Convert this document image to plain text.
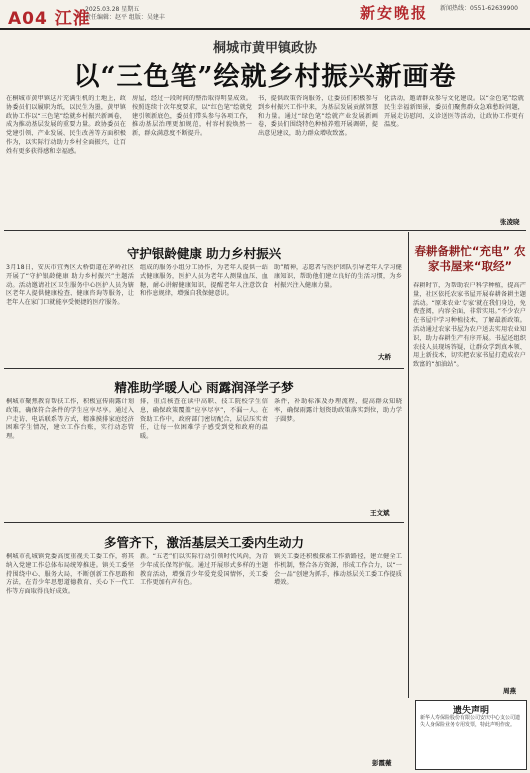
A04 江淮
2025.03.28 星期五
责任编辑：赵平 组版：吴建丰	新安晚报 新闻热线：0551-62639900
桐城市黄甲镇政协
以“三色笔”绘就乡村振兴新画卷
在桐城市黄甲镇这片充满生机的土地上，政协委员们以履职为纸，以民生为墨，黄甲镇政协工作以“三色笔”绘就乡村振兴新画卷，成为推动基层发展的重要力量。政协委员在党建引领、产业发展、民生改善等方面积极作为，以实际行动助力乡村全面振兴，让百姓有更多获得感和幸福感。
房屋，经过一段时间的整治取得明显成效。按照连续十次年度要求，以“红色笔”绘就党建引领新底色，委员们带头参与各项工作，推动基层治理更加规范，村容村貌焕然一新，群众满意度不断提升。
书，提供政策咨询服务，让委员们积极参与到乡村振兴工作中来，为基层发展贡献智慧和力量。通过“绿色笔”绘就产业发展新画卷，委员们围绕特色种植养殖开展调研，提出意见建议，助力群众增收致富。
化活动，邀请群众参与文化建设。以“金色笔”绘就民生幸福新图景，委员们聚焦群众急难愁盼问题，开展走访慰问、义诊送医等活动，让政协工作更有温度。
张凌晓
守护银龄健康 助力乡村振兴
3月18日，安庆市宜秀区大桥街道在茅岭社区开展了“守护银龄健康 助力乡村振兴”主题活动。活动邀请社区卫生服务中心医护人员为辖区老年人提供健康检查、健康咨询等服务，让老年人在家门口就能享受便捷的医疗服务。
组成的服务小组分工协作，为老年人提供一站式健康服务，医护人员为老年人测量血压、血糖，耐心讲解健康知识，提醒老年人注意饮食和作息规律，增强自我保健意识。
助”精神，志愿者与医护团队引导老年人学习健康知识，帮助他们建立良好的生活习惯，为乡村振兴注入健康力量。
大桥
春耕备耕忙“充电” 农家书屋来“取经”
春耕时节，为帮助农户科学种植，提高产量，社区依托农家书屋开展春耕备耕主题活动。“原来农业‘专家’就在我们身边，免费查阅，内容全面，非常实用。”不少农户在书屋中学习种植技术，了解最新政策。活动通过农家书屋为农户送去实用农业知识，助力春耕生产有序开展。书屋还组织农技人员现场答疑，让群众学到真本领、用上新技术，切实把农家书屋打造成农户致富的“加油站”。
周燕
精准助学暖人心 雨露润泽学子梦
桐城市聚焦教育帮扶工作，积极宣传雨露计划政策，确保符合条件的学生应享尽享。通过入户走访、电话联系等方式，精准摸排家庭经济困难学生情况，建立工作台账，实行动态管理。
排，重点核查在读中高职、技工院校学生信息，确保政策覆盖“应享尽享”，不漏一人。在资助工作中，政府部门密切配合，层层压实责任，让每一位困难学子感受到党和政府的温暖。
条件，补助标准及办理流程，提高群众知晓率，确保雨露计划资助政策落实到位，助力学子圆梦。
王文斌
多管齐下，激活基层关工委内生动力
桐城市孔城镇党委高度重视关工委工作，将其纳入党建工作总体布局统筹推进。镇关工委坚持围绕中心、服务大局，不断创新工作思路和方法，在青少年思想道德教育、关心下一代工作等方面取得良好成效。
新。“五老”们以实际行动引领时代风尚，为青少年成长保驾护航。通过开展形式多样的主题教育活动，增强青少年爱党爱国情怀，关工委工作更加有声有色。
镇关工委还积极探索工作新路径，建立健全工作机制，整合各方资源，形成工作合力，以“一会一品”创建为抓手，推动基层关工委工作提质增效。
彭霞薇
遗失声明
新华人寿保险股份有限公司安庆中心支公司遗失人身保险业务专用发票，特此声明作废。
